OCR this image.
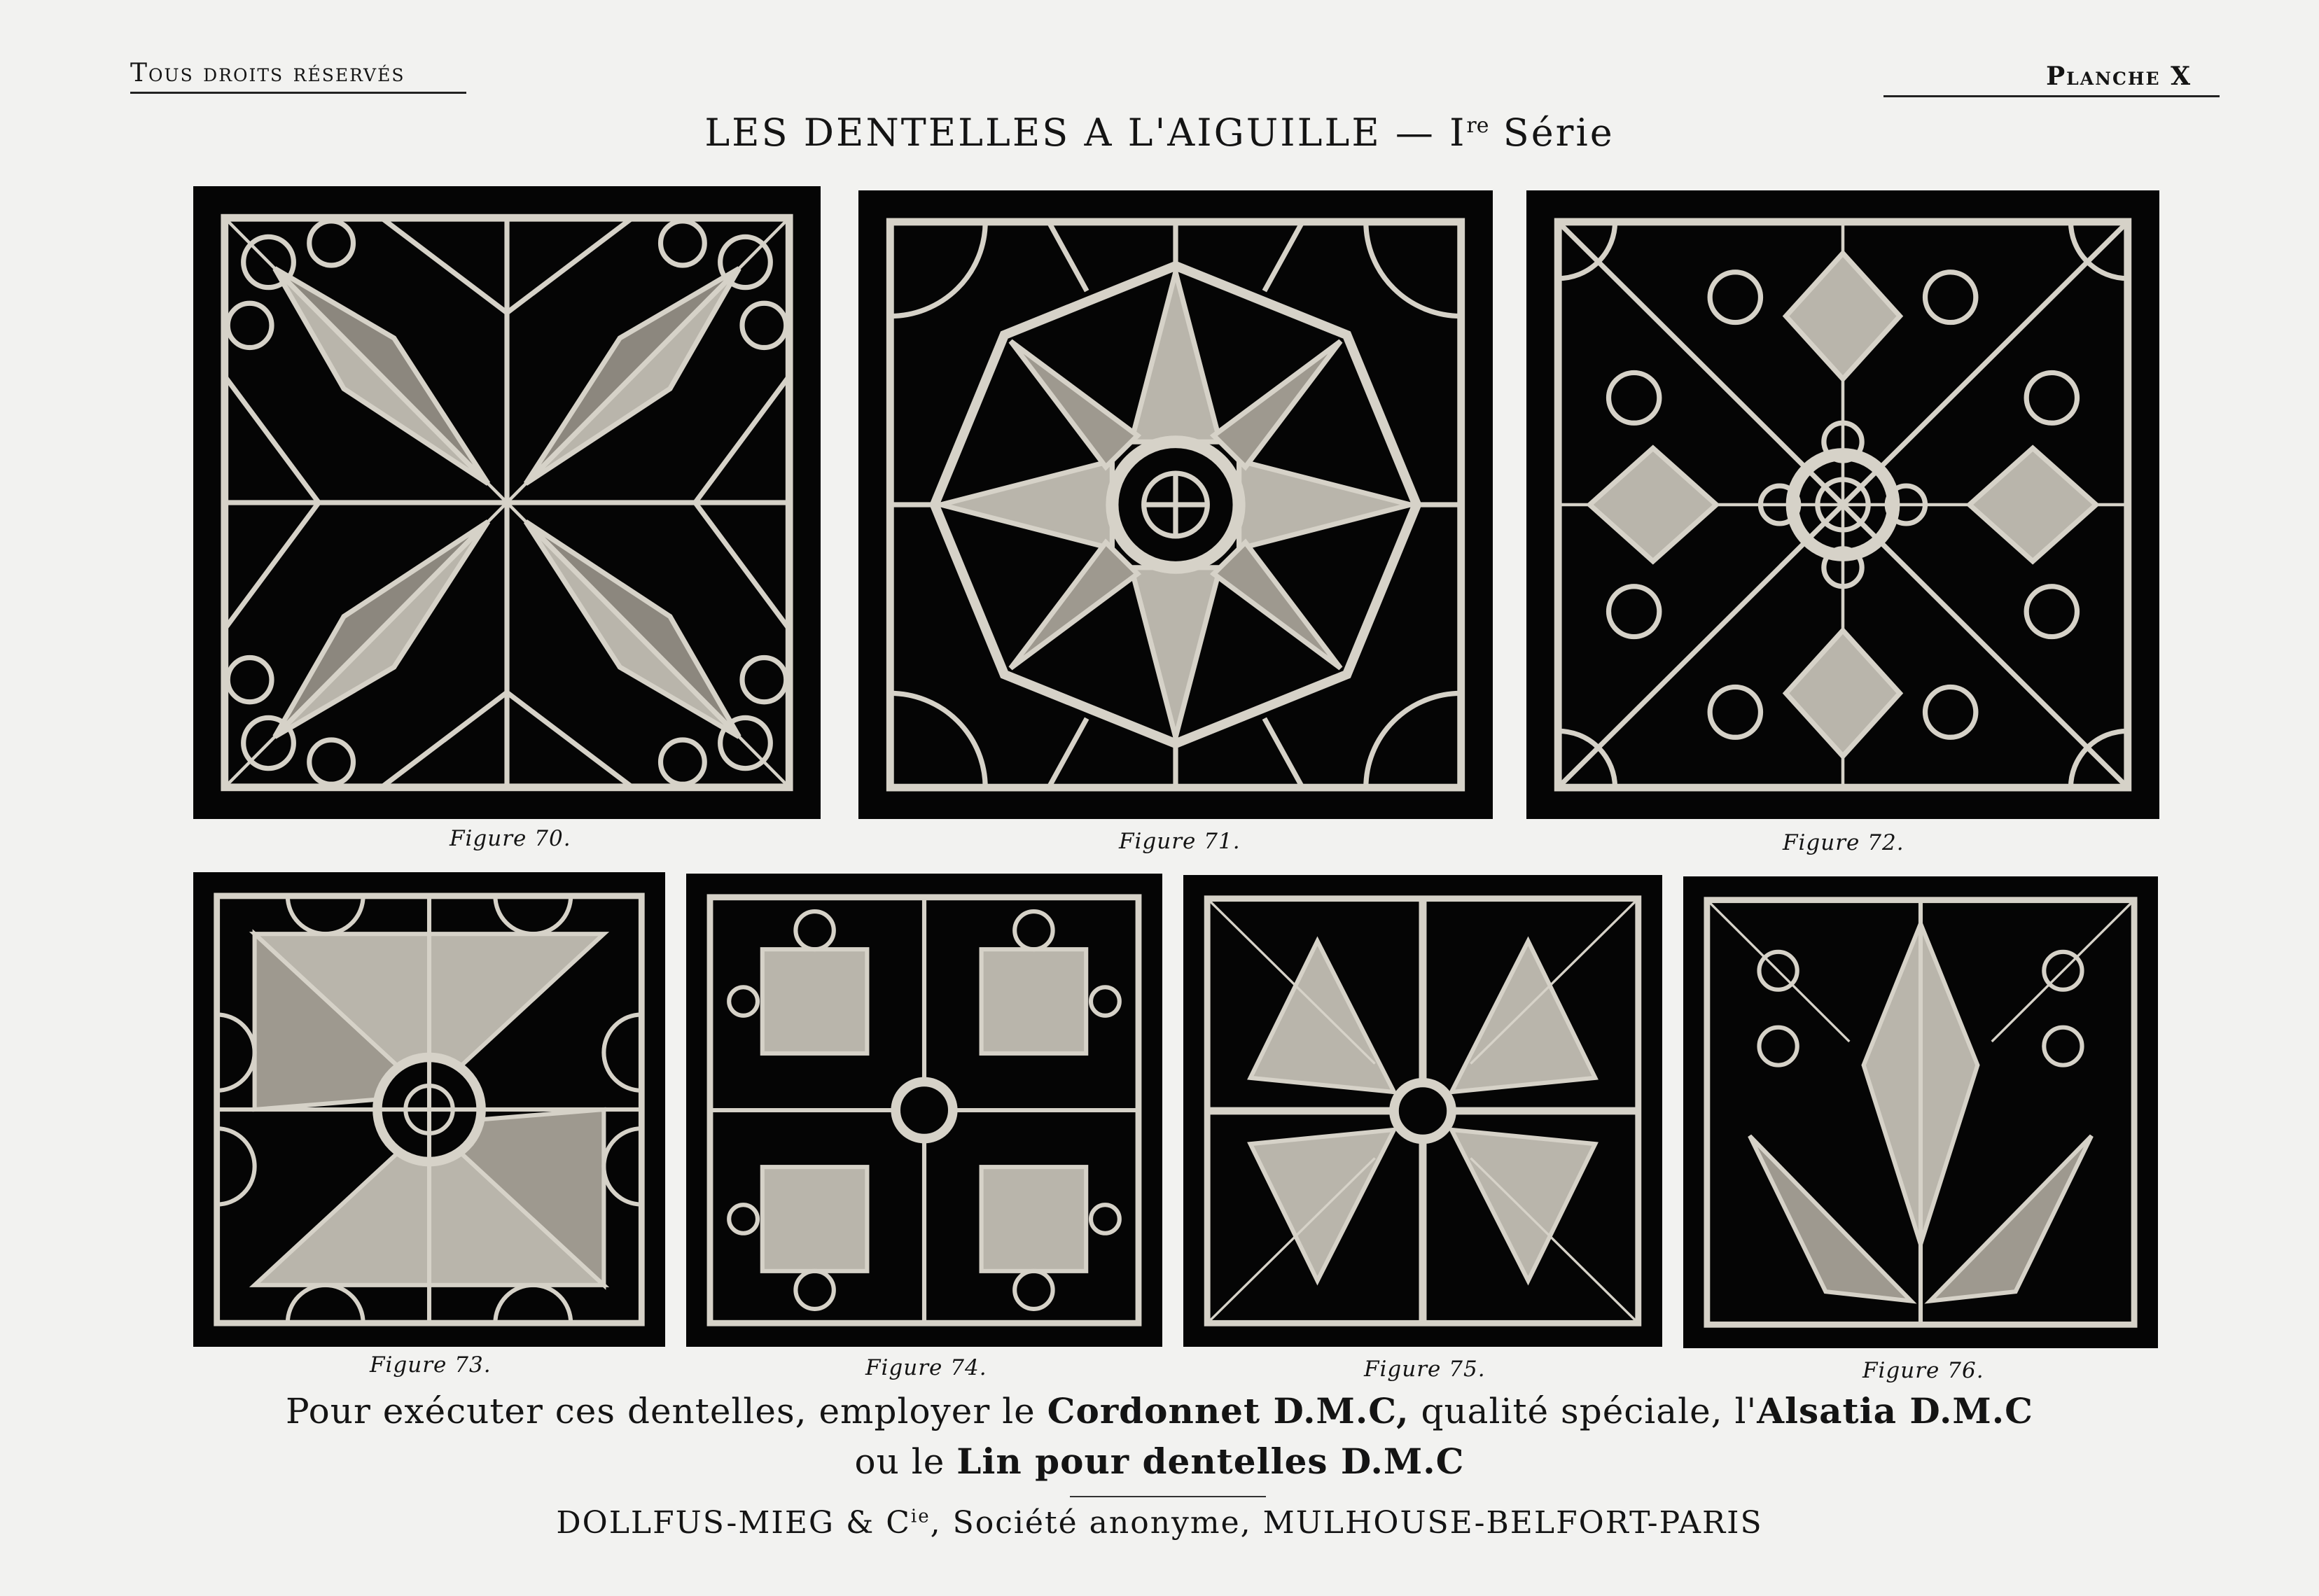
Tous droits réservés	Planche X
LES DENTELLES A L'AIGUILLE — Ire Série
Figure 70.	Figure 71.	Figure 72.
Figure 73.	Figure 74.	Figure 75.	Figure 76.
Pour exécuter ces dentelles, employer le Cordonnet D.M.C, qualité spéciale, l'Alsatia D.M.C
ou le Lin pour dentelles D.M.C
DOLLFUS-MIEG & $C^{ie}$, Société anonyme, MULHOUSE-BELFORT-PARIS
